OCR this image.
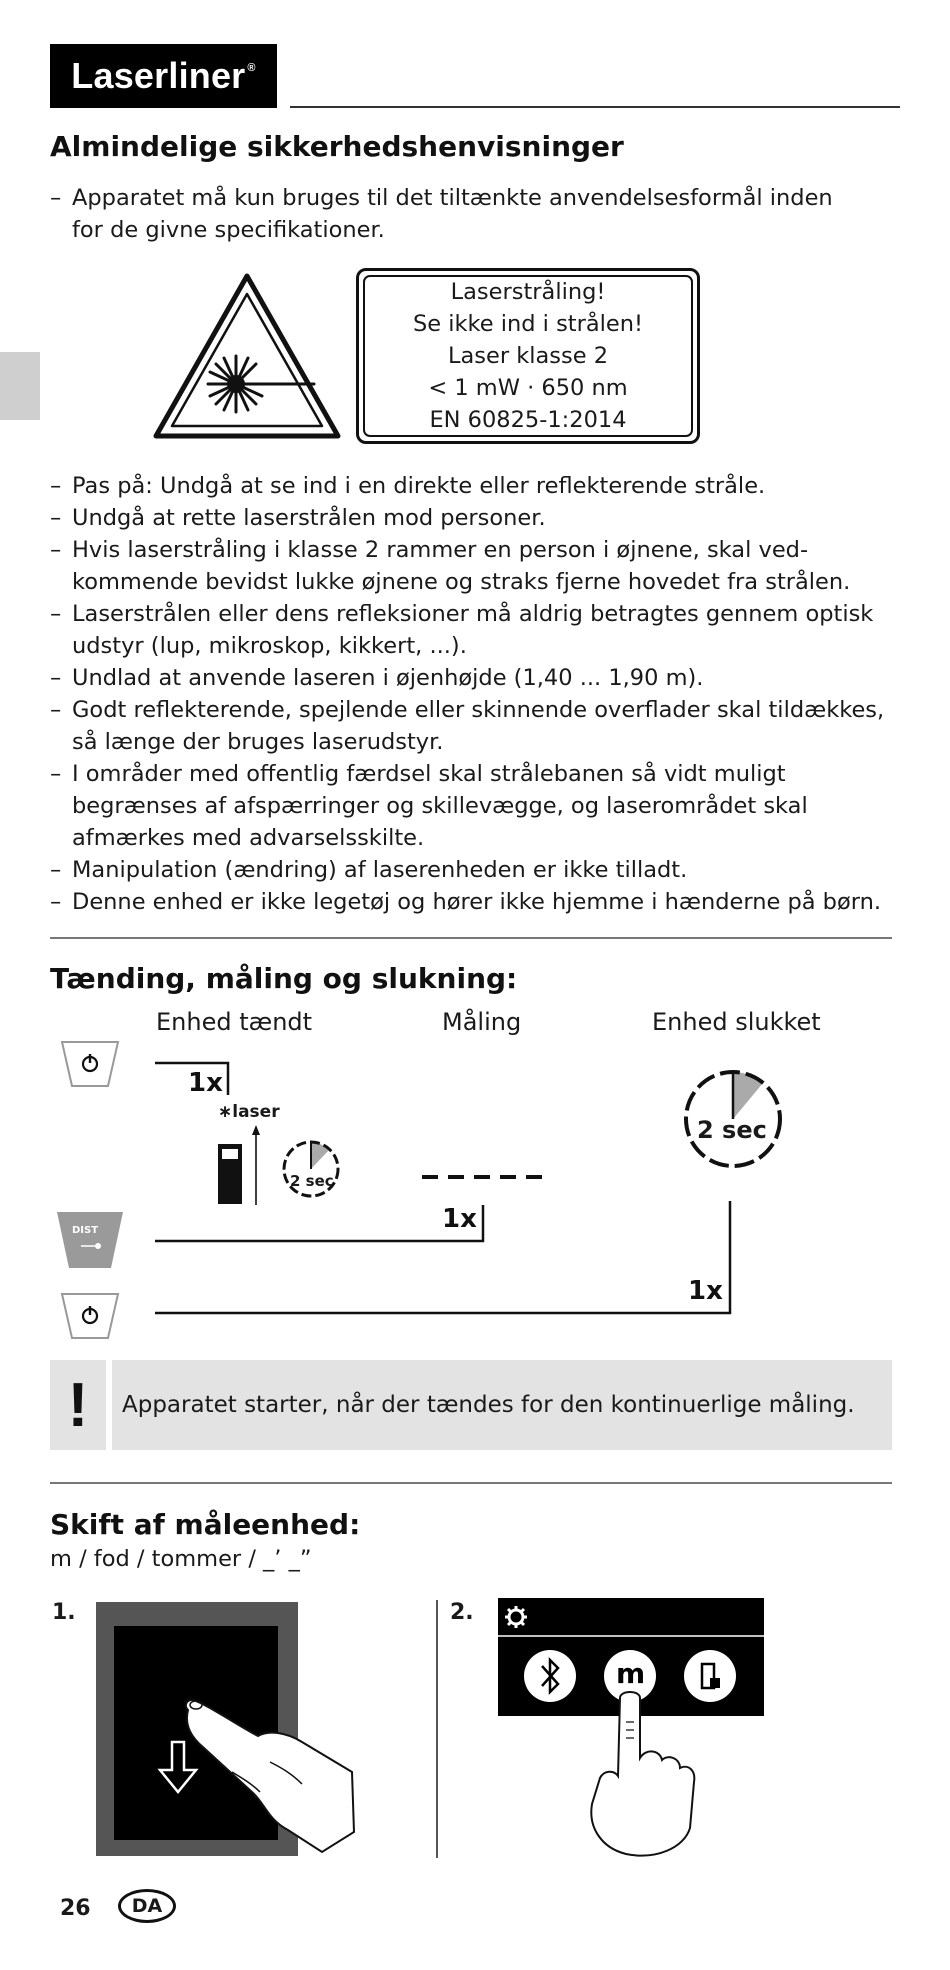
Laserliner®
Almindelige sikkerhedshenvisninger
– Apparatet må kun bruges til det tiltænkte anvendelsesformål inden for de givne specifikationer.
Laserstråling!
Se ikke ind i strålen!
Laser klasse 2
< 1 mW · 650 nm
EN 60825-1:2014
– Pas på: Undgå at se ind i en direkte eller reflekterende stråle.
– Undgå at rette laserstrålen mod personer.
– Hvis laserstråling i klasse 2 rammer en person i øjnene, skal ved-kommende bevidst lukke øjnene og straks fjerne hovedet fra strålen.
– Laserstrålen eller dens refleksioner må aldrig betragtes gennem optisk udstyr (lup, mikroskop, kikkert, ...).
– Undlad at anvende laseren i øjenhøjde (1,40 ... 1,90 m).
– Godt reflekterende, spejlende eller skinnende overflader skal tildækkes, så længe der bruges laserudstyr.
– I områder med offentlig færdsel skal strålebanen så vidt muligt begrænses af afspærringer og skillevægge, og laserområdet skal afmærkes med advarselsskilte.
– Manipulation (ændring) af laserenheden er ikke tilladt.
– Denne enhed er ikke legetøj og hører ikke hjemme i hænderne på børn.
Tænding, måling og slukning:
Enhed tændt	Måling	Enhed slukket
DIST
1x
∗laser
1x
1x
2 sec
2 sec
!	Apparatet starter, når der tændes for den kontinuerlige måling.
Skift af måleenhed:
m / fod / tommer / _’ _”
1.	2.
m
26	DA
